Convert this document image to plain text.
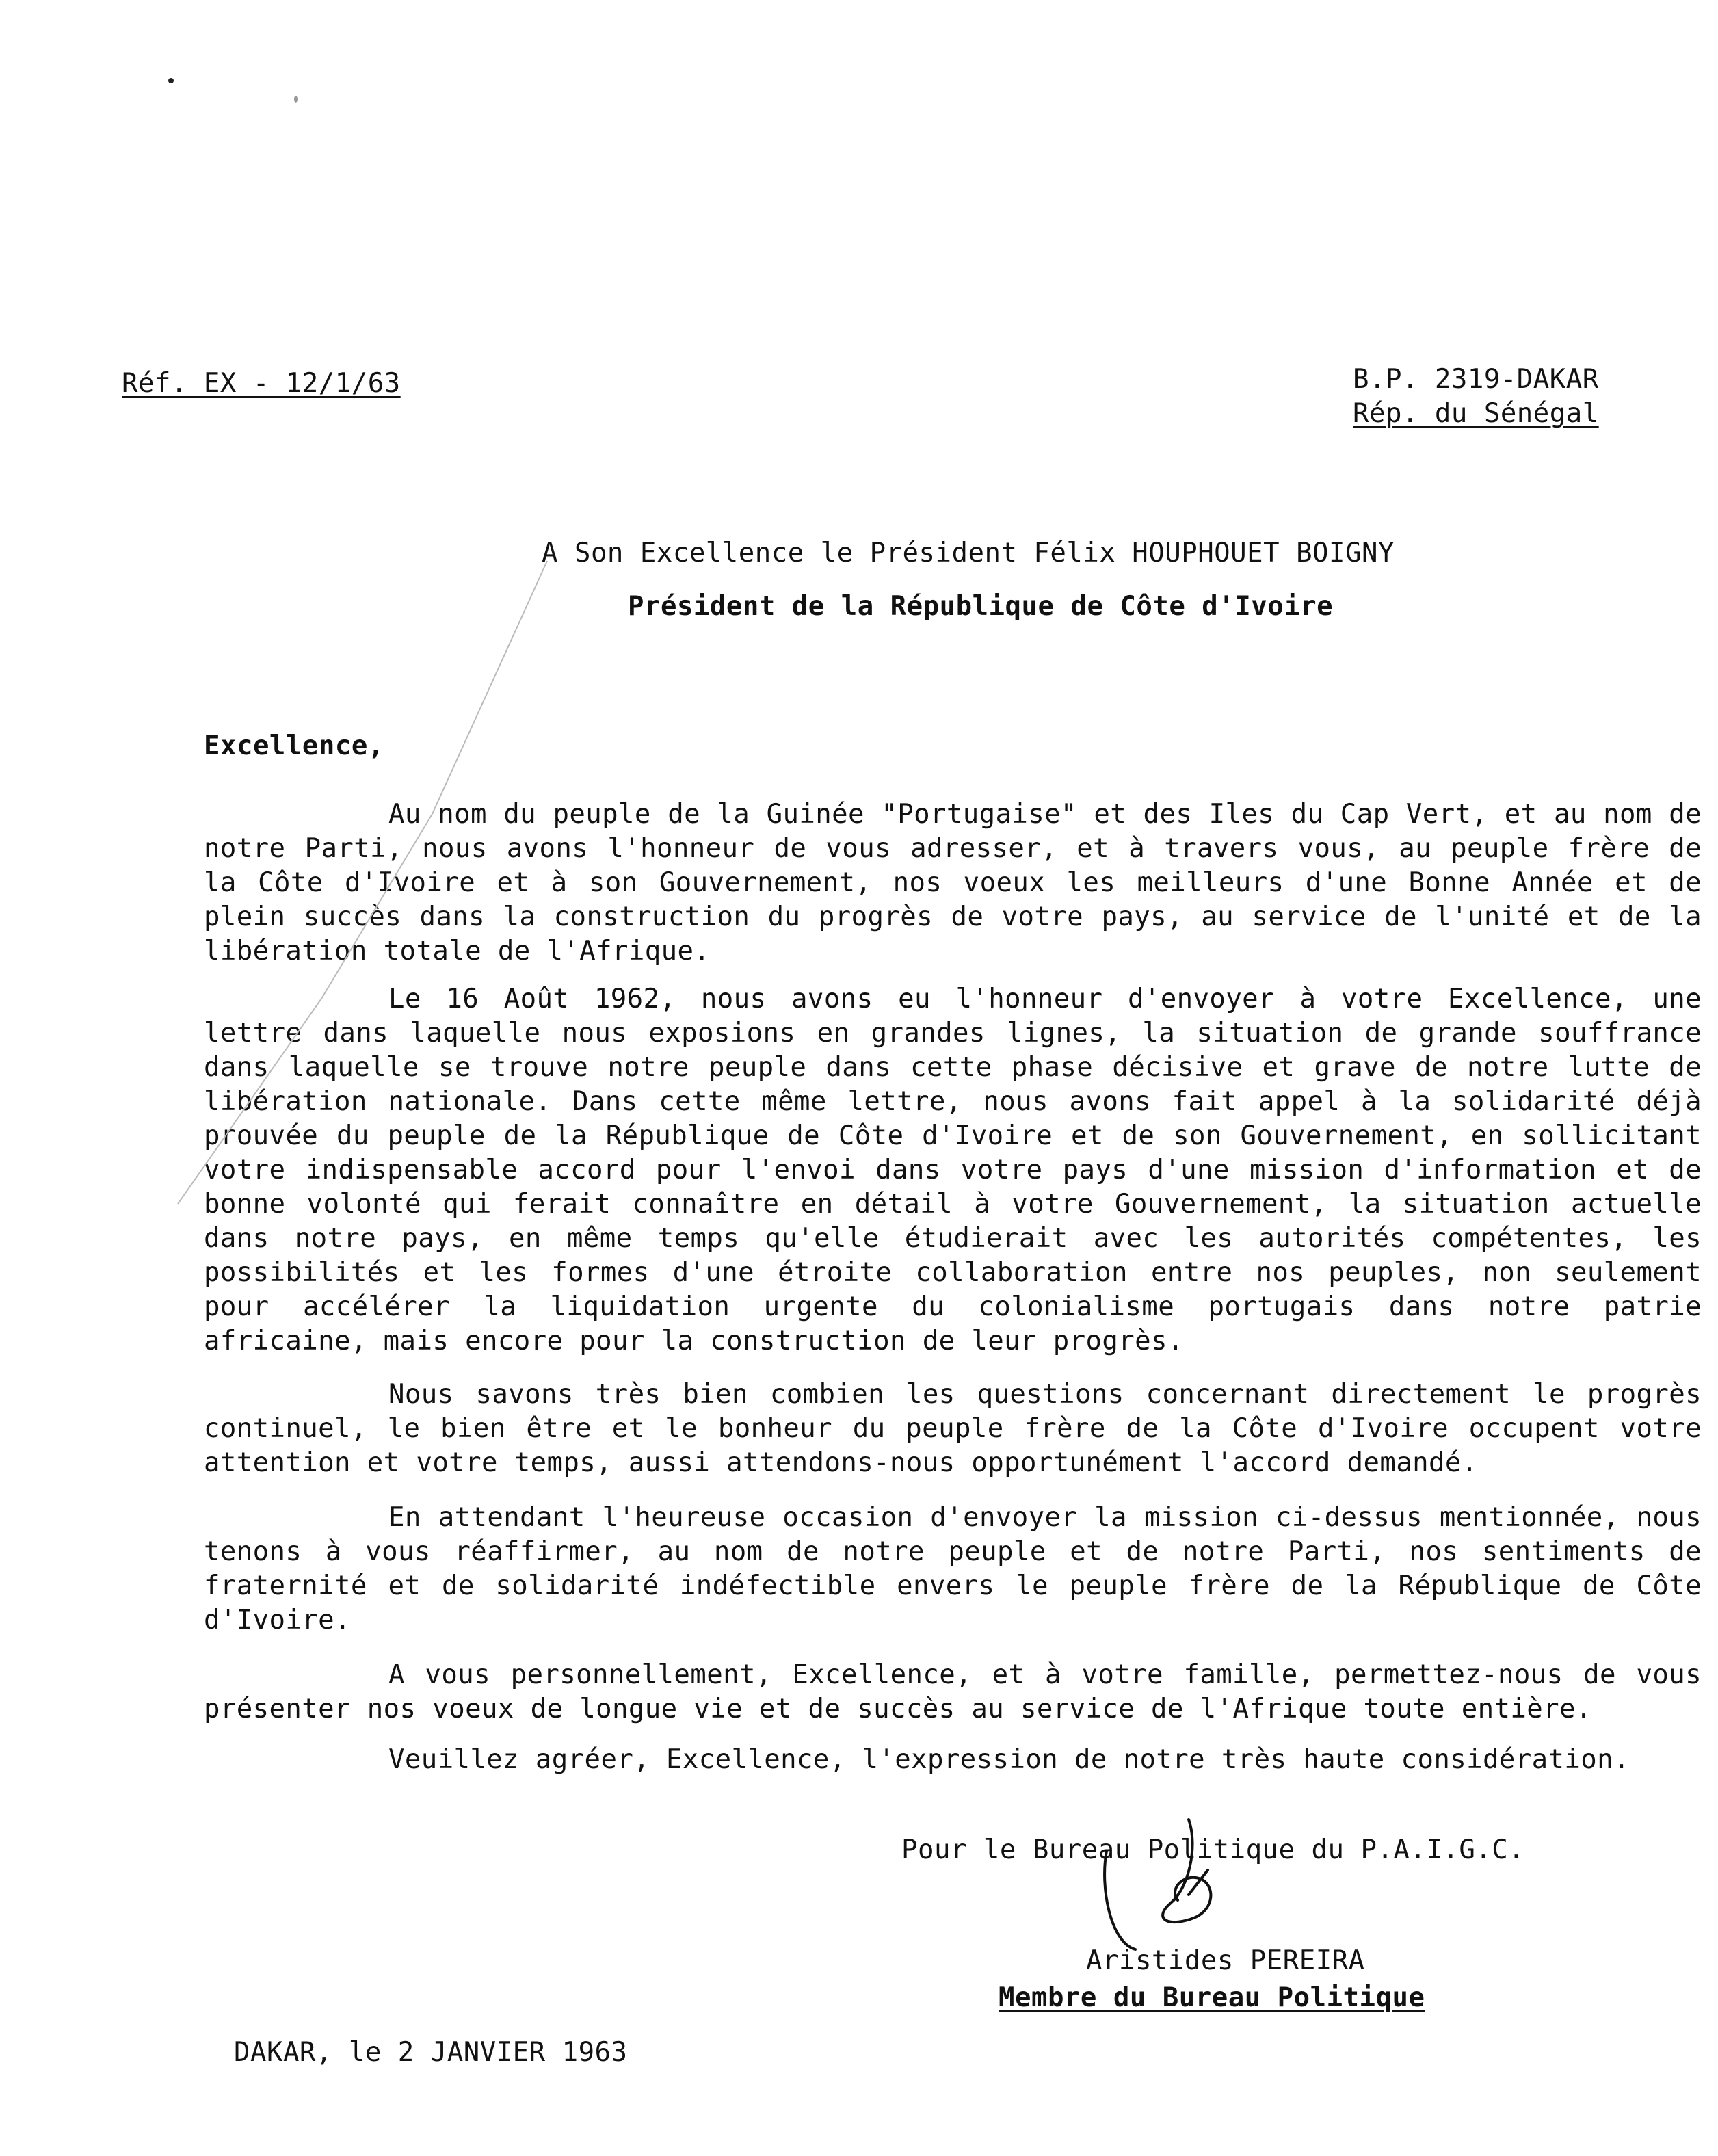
Réf. EX - 12/1/63	B.P. 2319-DAKAR
Rép. du Sénégal
A Son Excellence le Président Félix HOUPHOUET BOIGNY
Président de la République de Côte d'Ivoire
Excellence,
Au nom du peuple de la Guinée "Portugaise" et des Iles du Cap Vert, et au nom de notre Parti, nous avons l'honneur de vous adresser, et à travers vous, au peuple frère de la Côte d'Ivoire et à son Gouvernement, nos voeux les meilleurs d'une Bonne Année et de plein succès dans la construction du progrès de votre pays, au service de l'unité et de la libération totale de l'Afrique.
Le 16 Août 1962, nous avons eu l'honneur d'envoyer à votre Excellence, une lettre dans laquelle nous exposions en grandes lignes, la situation de grande souffrance dans laquelle se trouve notre peuple dans cette phase décisive et grave de notre lutte de libération nationale. Dans cette même lettre, nous avons fait appel à la solidarité déjà prouvée du peuple de la République de Côte d'Ivoire et de son Gouvernement, en sollicitant votre indispensable accord pour l'envoi dans votre pays d'une mission d'information et de bonne volonté qui ferait connaître en détail à votre Gouvernement, la situation actuelle dans notre pays, en même temps qu'elle étudierait avec les autorités compétentes, les possibilités et les formes d'une étroite collaboration entre nos peuples, non seulement pour accélérer la liquidation urgente du colonialisme portugais dans notre patrie africaine, mais encore pour la construction de leur progrès.
Nous savons très bien combien les questions concernant directement le progrès continuel, le bien être et le bonheur du peuple frère de la Côte d'Ivoire occupent votre attention et votre temps, aussi attendons-nous opportunément l'accord demandé.
En attendant l'heureuse occasion d'envoyer la mission ci-dessus mentionnée, nous tenons à vous réaffirmer, au nom de notre peuple et de notre Parti, nos sentiments de fraternité et de solidarité indéfectible envers le peuple frère de la République de Côte d'Ivoire.
A vous personnellement, Excellence, et à votre famille, permettez-nous de vous présenter nos voeux de longue vie et de succès au service de l'Afrique toute entière.
Veuillez agréer, Excellence, l'expression de notre très haute considération.
Pour le Bureau Politique du P.A.I.G.C.
Aristides PEREIRA
Membre du Bureau Politique
DAKAR, le 2 JANVIER 1963
